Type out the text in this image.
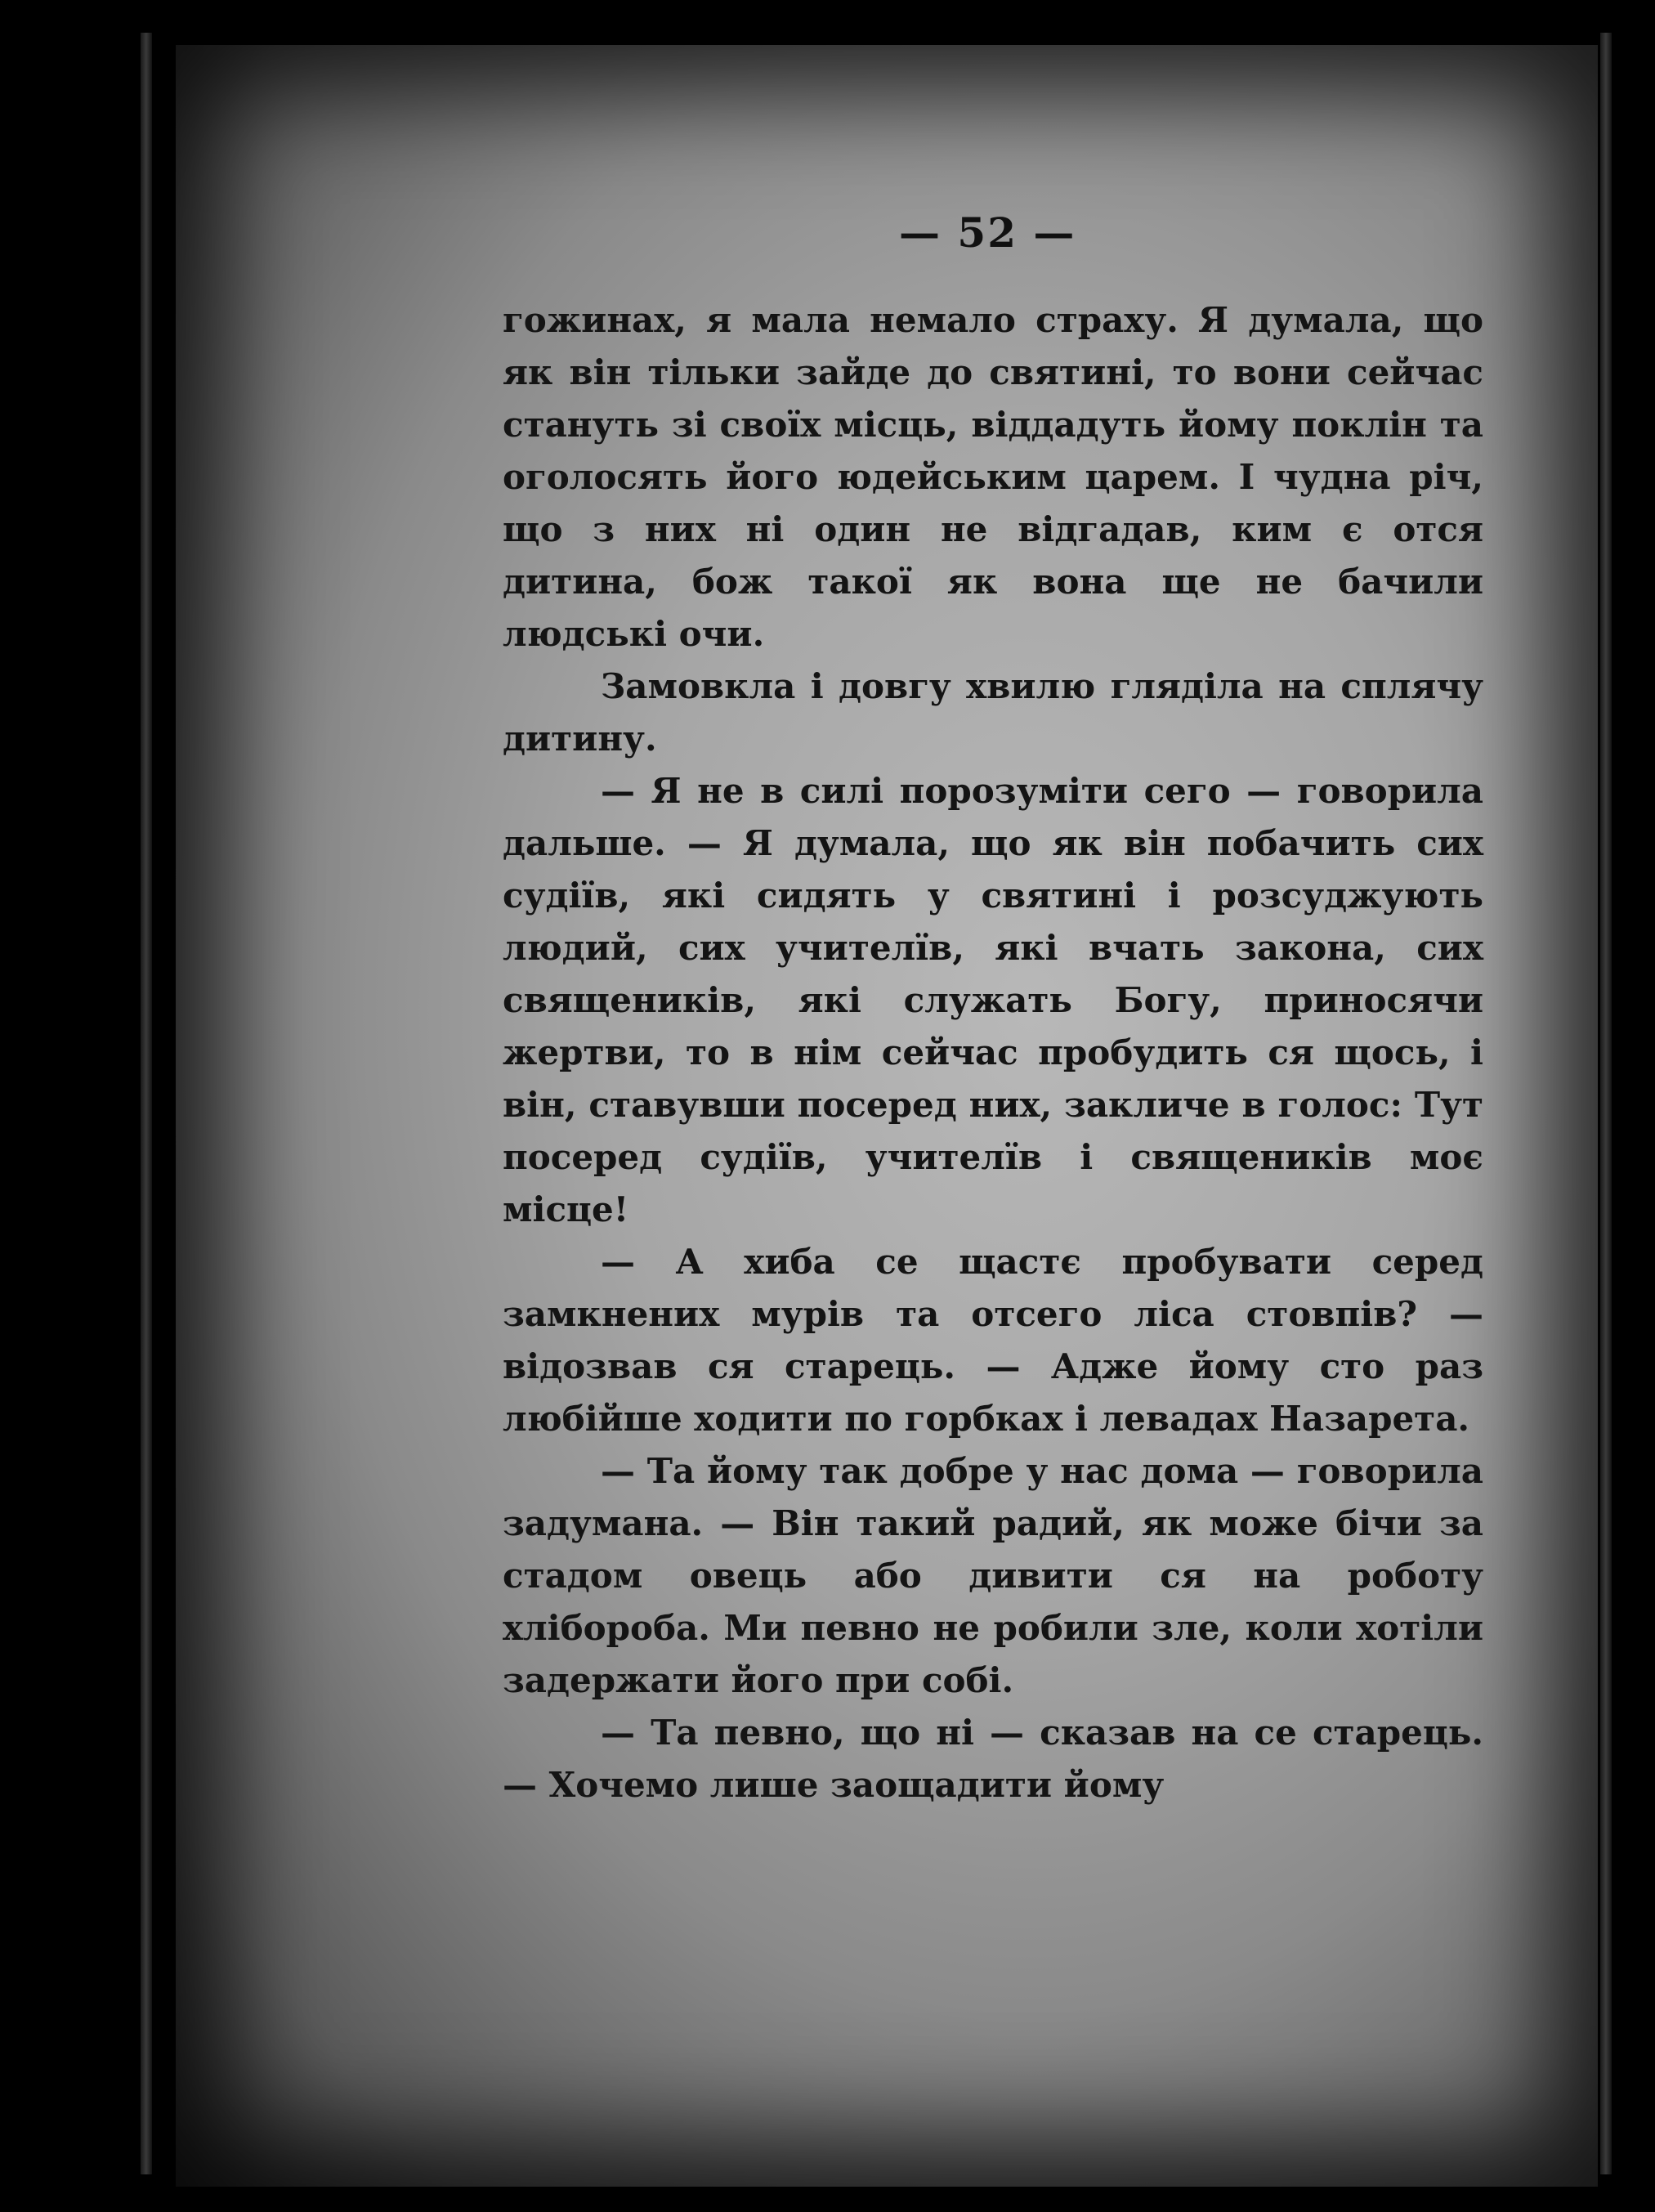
— 52 —

гожинах, я мала немало страху. Я думала, що як він тільки зайде до святині, то вони сейчас стануть зі своїх місць, віддадуть йому поклін та оголосять його юдейським царем. І чудна річ, що з них ні один не відгадав, ким є отся дитина, бож такої як вона ще не бачили людські очи.

Замовкла і довгу хвилю гляділа на сплячу дитину.

— Я не в силі порозуміти сего — говорила дальше. — Я думала, що як він побачить сих судіїв, які сидять у святині і розсуджують людий, сих учителїв, які вчать закона, сих священиків, які служать Богу, приносячи жертви, то в нім сейчас пробудить ся щось, і він, ставувши посеред них, закличе в голос: Тут посеред судіїв, учителїв і священиків моє місце!

— А хиба се щастє пробувати серед замкнених мурів та отсего ліса стовпів? — відозвав ся старець. — Адже йому сто раз любійше ходити по горбках і левадах Назарета.

— Та йому так добре у нас дома — говорила задумана. — Він такий радий, як може бічи за стадом овець або дивити ся на роботу хлібороба. Ми певно не робили зле, коли хотіли задержати його при собі.

— Та певно, що ні — сказав на се старець. — Хочемо лише заощадити йому
